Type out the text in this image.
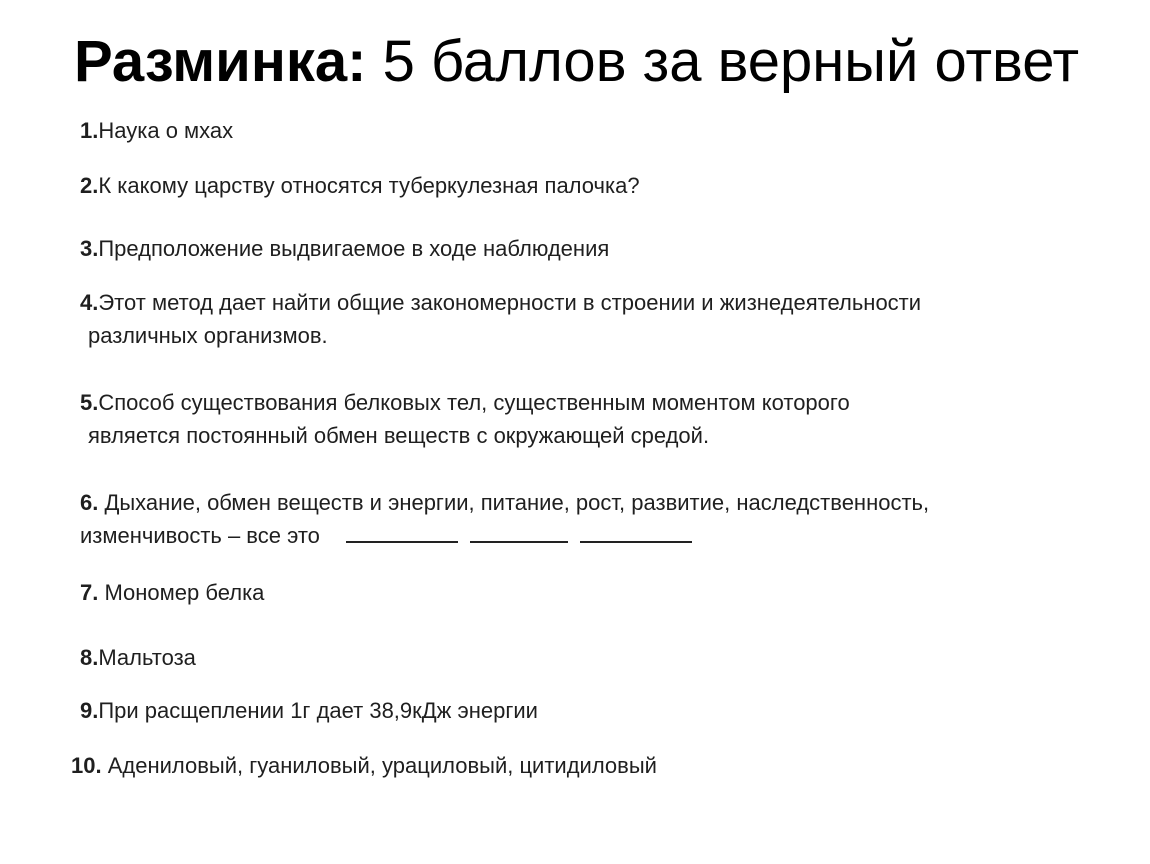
Разминка: 5 баллов за верный ответ
1.Наука о мхах
2.К какому царству относятся туберкулезная палочка?
3.Предположение выдвигаемое в ходе наблюдения
4.Этот метод дает найти общие закономерности в строении и жизнедеятельности
различных организмов.
5.Способ существования белковых тел, существенным моментом которого
является постоянный обмен веществ с окружающей средой.
6. Дыхание, обмен веществ и энергии, питание, рост, развитие, наследственность,
изменчивость – все это
7. Мономер белка
8.Мальтоза
9.При расщеплении 1г дает 38,9кДж энергии
10. Адениловый, гуаниловый, урациловый, цитидиловый
